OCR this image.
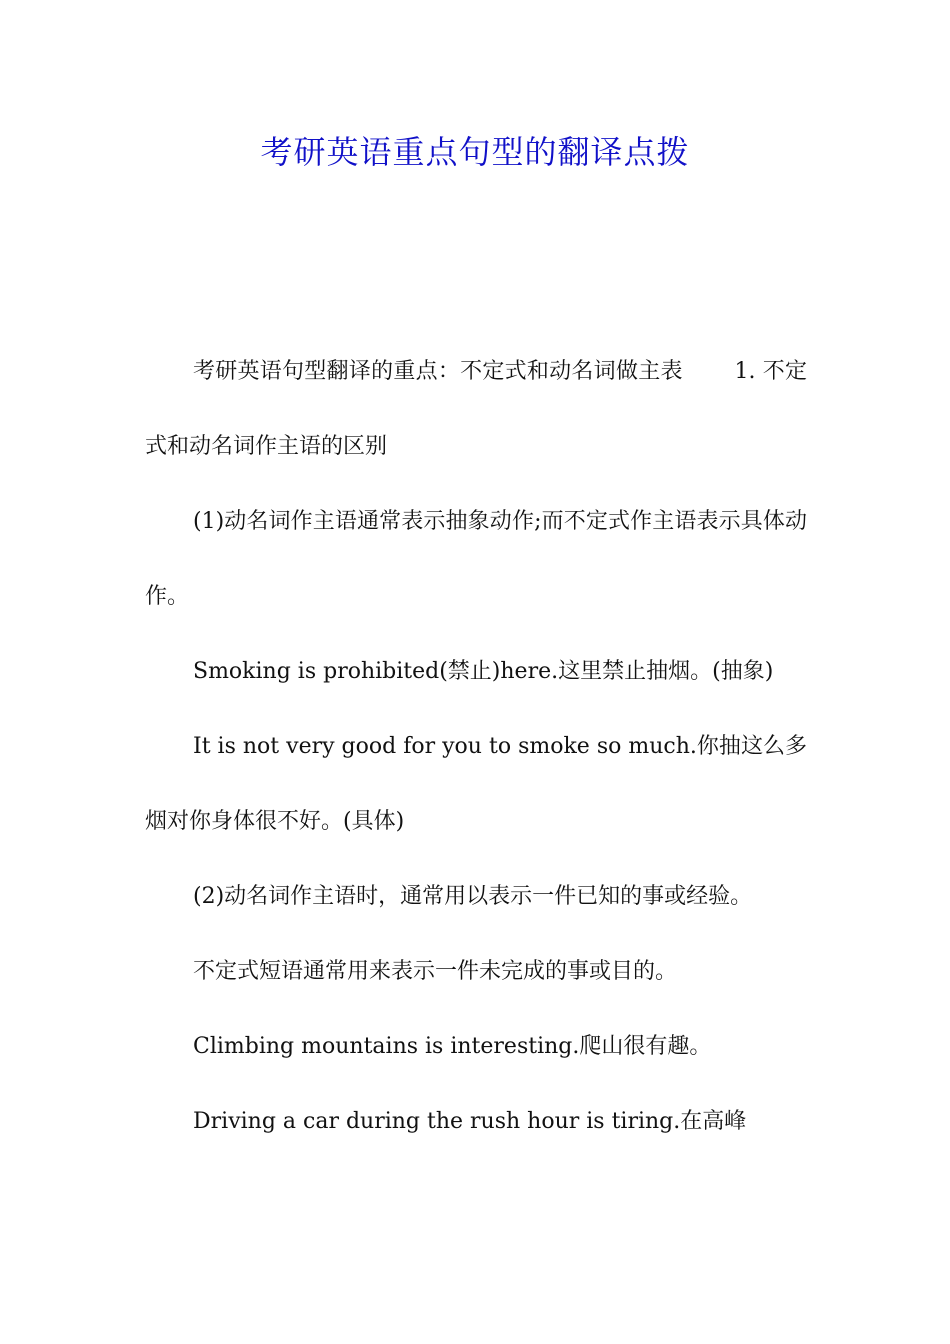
考研英语重点句型的翻译点拨

考研英语句型翻译的重点：不定式和动名词做主表　　 1. 不定式和动名词作主语的区别

(1)动名词作主语通常表示抽象动作;而不定式作主语表示具体动作。

Smoking is prohibited(禁止)here.这里禁止抽烟。(抽象)

It is not very good for you to smoke so much.你抽这么多烟对你身体很不好。(具体)

(2)动名词作主语时，通常用以表示一件已知的事或经验。

不定式短语通常用来表示一件未完成的事或目的。

Climbing mountains is interesting.爬山很有趣。

Driving a car during the rush hour is tiring.在高峰
